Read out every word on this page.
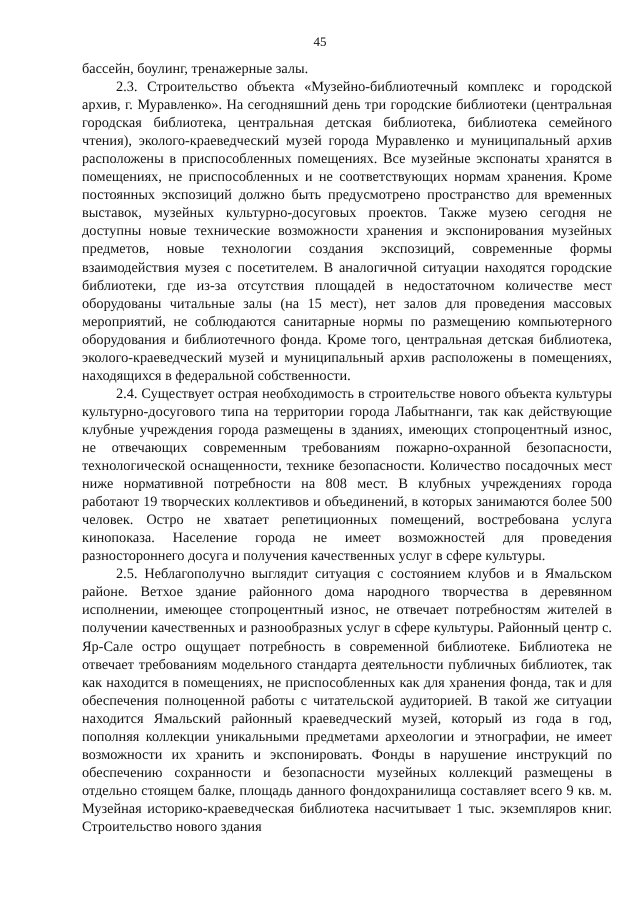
45

бассейн, боулинг, тренажерные залы.

2.3. Строительство объекта «Музейно-библиотечный комплекс и городской архив, г. Муравленко». На сегодняшний день три городские библиотеки (центральная городская библиотека, центральная детская библиотека, библиотека семейного чтения), эколого-краеведческий музей города Муравленко и муниципальный архив расположены в приспособленных помещениях. Все музейные экспонаты хранятся в помещениях, не приспособленных и не соответствующих нормам хранения. Кроме постоянных экспозиций должно быть предусмотрено пространство для временных выставок, музейных культурно-досуговых проектов. Также музею сегодня не доступны новые технические возможности хранения и экспонирования музейных предметов, новые технологии создания экспозиций, современные формы взаимодействия музея с посетителем. В аналогичной ситуации находятся городские библиотеки, где из-за отсутствия площадей в недостаточном количестве мест оборудованы читальные залы (на 15 мест), нет залов для проведения массовых мероприятий, не соблюдаются санитарные нормы по размещению компьютерного оборудования и библиотечного фонда. Кроме того, центральная детская библиотека, эколого-краеведческий музей и муниципальный архив расположены в помещениях, находящихся в федеральной собственности.

2.4. Существует острая необходимость в строительстве нового объекта культуры культурно-досугового типа на территории города Лабытнанги, так как действующие клубные учреждения города размещены в зданиях, имеющих стопроцентный износ, не отвечающих современным требованиям пожарно-охранной безопасности, технологической оснащенности, технике безопасности. Количество посадочных мест ниже нормативной потребности на 808 мест. В клубных учреждениях города работают 19 творческих коллективов и объединений, в которых занимаются более 500 человек. Остро не хватает репетиционных помещений, востребована услуга кинопоказа. Население города не имеет возможностей для проведения разностороннего досуга и получения качественных услуг в сфере культуры.

2.5. Неблагополучно выглядит ситуация с состоянием клубов и в Ямальском районе. Ветхое здание районного дома народного творчества в деревянном исполнении, имеющее стопроцентный износ, не отвечает потребностям жителей в получении качественных и разнообразных услуг в сфере культуры. Районный центр с. Яр-Сале остро ощущает потребность в современной библиотеке. Библиотека не отвечает требованиям модельного стандарта деятельности публичных библиотек, так как находится в помещениях, не приспособленных как для хранения фонда, так и для обеспечения полноценной работы с читательской аудиторией. В такой же ситуации находится Ямальский районный краеведческий музей, который из года в год, пополняя коллекции уникальными предметами археологии и этнографии, не имеет возможности их хранить и экспонировать. Фонды в нарушение инструкций по обеспечению сохранности и безопасности музейных коллекций размещены в отдельно стоящем балке, площадь данного фондохранилища составляет всего 9 кв. м. Музейная историко-краеведческая библиотека насчитывает 1 тыс. экземпляров книг. Строительство нового здания
